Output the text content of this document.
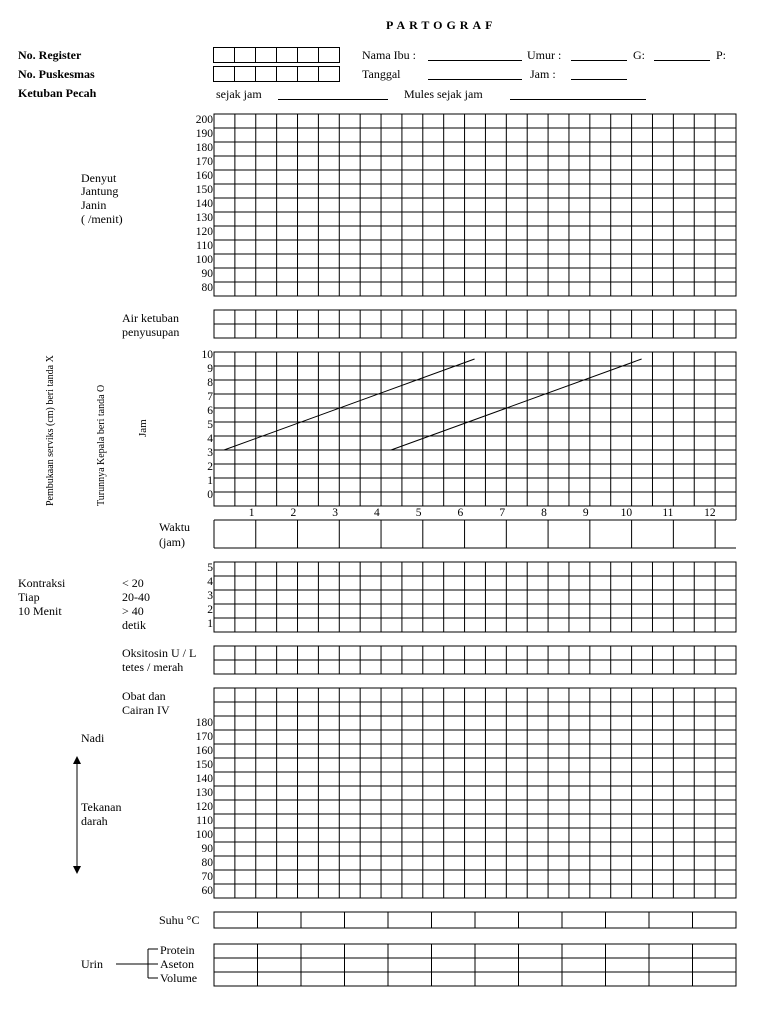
PARTOGRAF
No. Register
No. Puskesmas
Ketuban Pecah
Nama Ibu :	Umur :	G:	P:
Tanggal	Jam :
sejak jam	Mules sejak jam
Denyut
Jantung
Janin
( /menit)
200
190
180
170
160
150
140
130
120
110
100
90
80
Air ketuban
penyusupan
Pembukaan serviks (cm) beri tanda X	Turunnya Kepala beri tanda O	Jam
10
9
8
7
6
5
4
3
2
1
0
1	2	3	4	5	6	7	8	9	10	11	12
Waktu
(jam)
Kontraksi
Tiap
10 Menit
< 20
20-40
> 40
detik
5
4
3
2
1
Oksitosin U / L
tetes / merah
Obat dan
Cairan IV
Nadi
Tekanan
darah
180
170
160
150
140
130
120
110
100
90
80
70
60
Suhu °C
Urin
Protein
Aseton
Volume
